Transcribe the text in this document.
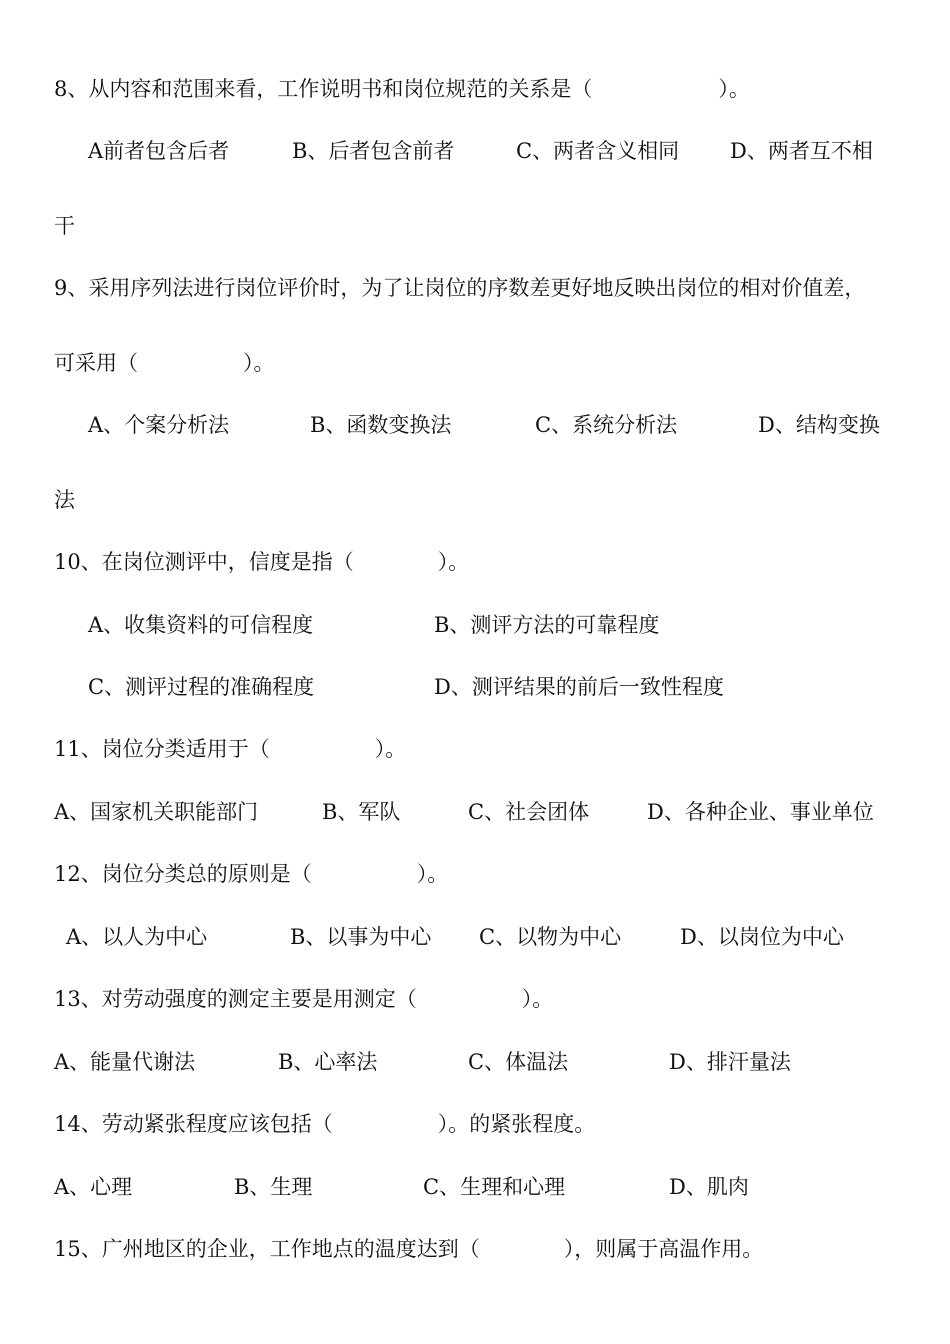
8、从内容和范围来看，工作说明书和岗位规范的关系是（　　　　　　）。
A前者包含后者	B、后者包含前者	C、两者含义相同 D、两者互不相
干
9、采用序列法进行岗位评价时，为了让岗位的序数差更好地反映出岗位的相对价值差，
可采用（　　　　　）。
A、个案分析法	B、函数变换法	C、系统分析法	D、结构变换
法
10、在岗位测评中，信度是指（　　　　）。
A、收集资料的可信程度	B、测评方法的可靠程度
C、测评过程的准确程度	D、测评结果的前后一致性程度
11、岗位分类适用于（　　　　　）。
A、国家机关职能部门	B、军队	C、社会团体	D、各种企业、事业单位
12、岗位分类总的原则是（　　　　　）。
A、以人为中心	B、以事为中心 C、以物为中心	D、以岗位为中心
13、对劳动强度的测定主要是用测定（　　　　　）。
A、能量代谢法	B、心率法	C、体温法	D、排汗量法
14、劳动紧张程度应该包括（　　　　　）。的紧张程度。
A、心理	B、生理	C、生理和心理	D、肌肉
15、广州地区的企业，工作地点的温度达到（　　　　），则属于高温作用。
